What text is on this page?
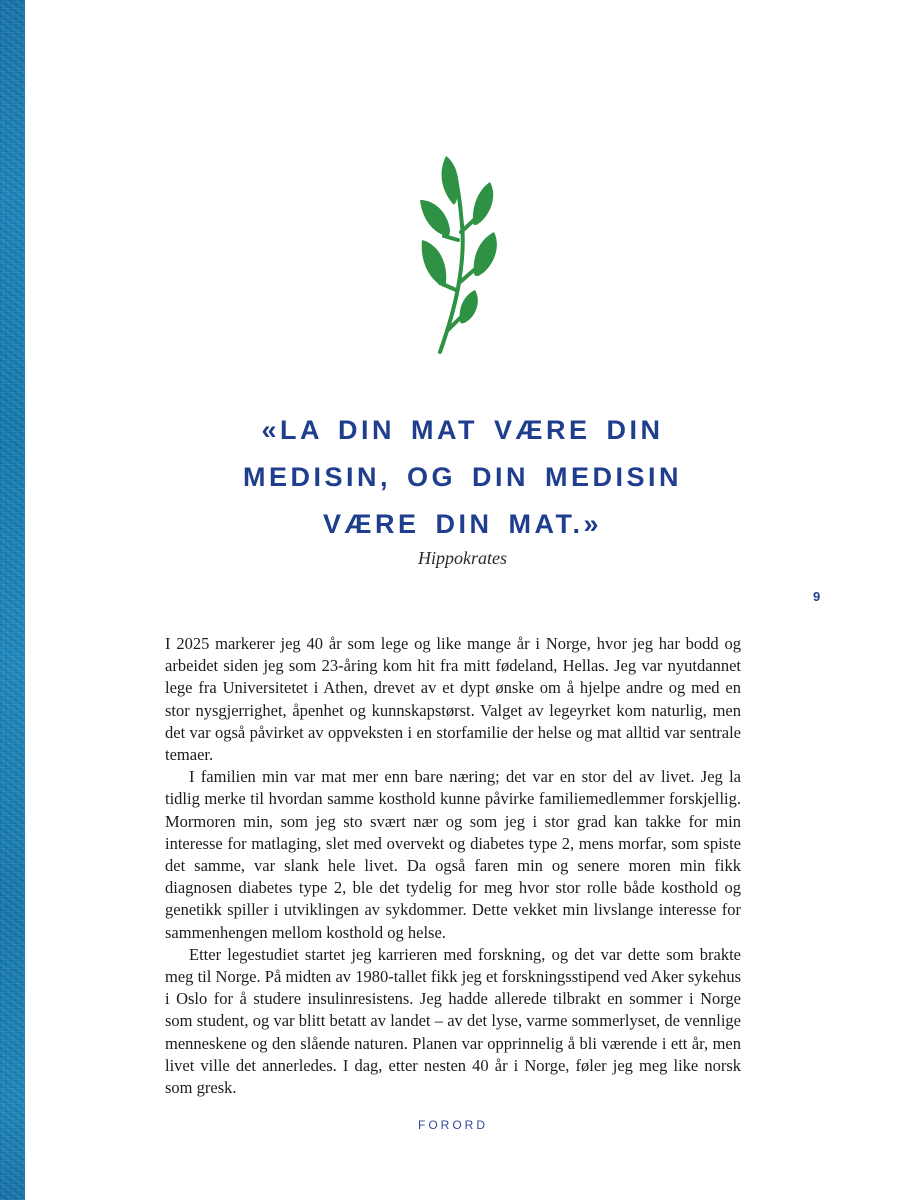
«LA DIN MAT VÆRE DIN
MEDISIN, OG DIN MEDISIN
VÆRE DIN MAT.»
Hippokrates
9

I 2025 markerer jeg 40 år som lege og like mange år i Norge, hvor jeg har bodd og arbeidet siden jeg som 23-åring kom hit fra mitt fødeland, Hellas. Jeg var nyutdannet lege fra Universitetet i Athen, drevet av et dypt ønske om å hjelpe andre og med en stor nysgjerrighet, åpenhet og kunnskapstørst. Valget av legeyrket kom naturlig, men det var også påvirket av oppveksten i en storfamilie der helse og mat alltid var sentrale temaer.

I familien min var mat mer enn bare næring; det var en stor del av livet. Jeg la tidlig merke til hvordan samme kosthold kunne påvirke familiemedlemmer forskjellig. Mormoren min, som jeg sto svært nær og som jeg i stor grad kan takke for min interesse for matlaging, slet med overvekt og diabetes type 2, mens morfar, som spiste det samme, var slank hele livet. Da også faren min og senere moren min fikk diagnosen diabetes type 2, ble det tydelig for meg hvor stor rolle både kosthold og genetikk spiller i utviklingen av sykdommer. Dette vekket min livslange interesse for sammenhengen mellom kosthold og helse.

Etter legestudiet startet jeg karrieren med forskning, og det var dette som brakte meg til Norge. På midten av 1980-tallet fikk jeg et forskningsstipend ved Aker sykehus i Oslo for å studere insulinresistens. Jeg hadde allerede tilbrakt en sommer i Norge som student, og var blitt betatt av landet – av det lyse, varme sommerlyset, de vennlige menneskene og den slående naturen. Planen var opprinnelig å bli værende i ett år, men livet ville det annerledes. I dag, etter nesten 40 år i Norge, føler jeg meg like norsk som gresk.

FORORD
